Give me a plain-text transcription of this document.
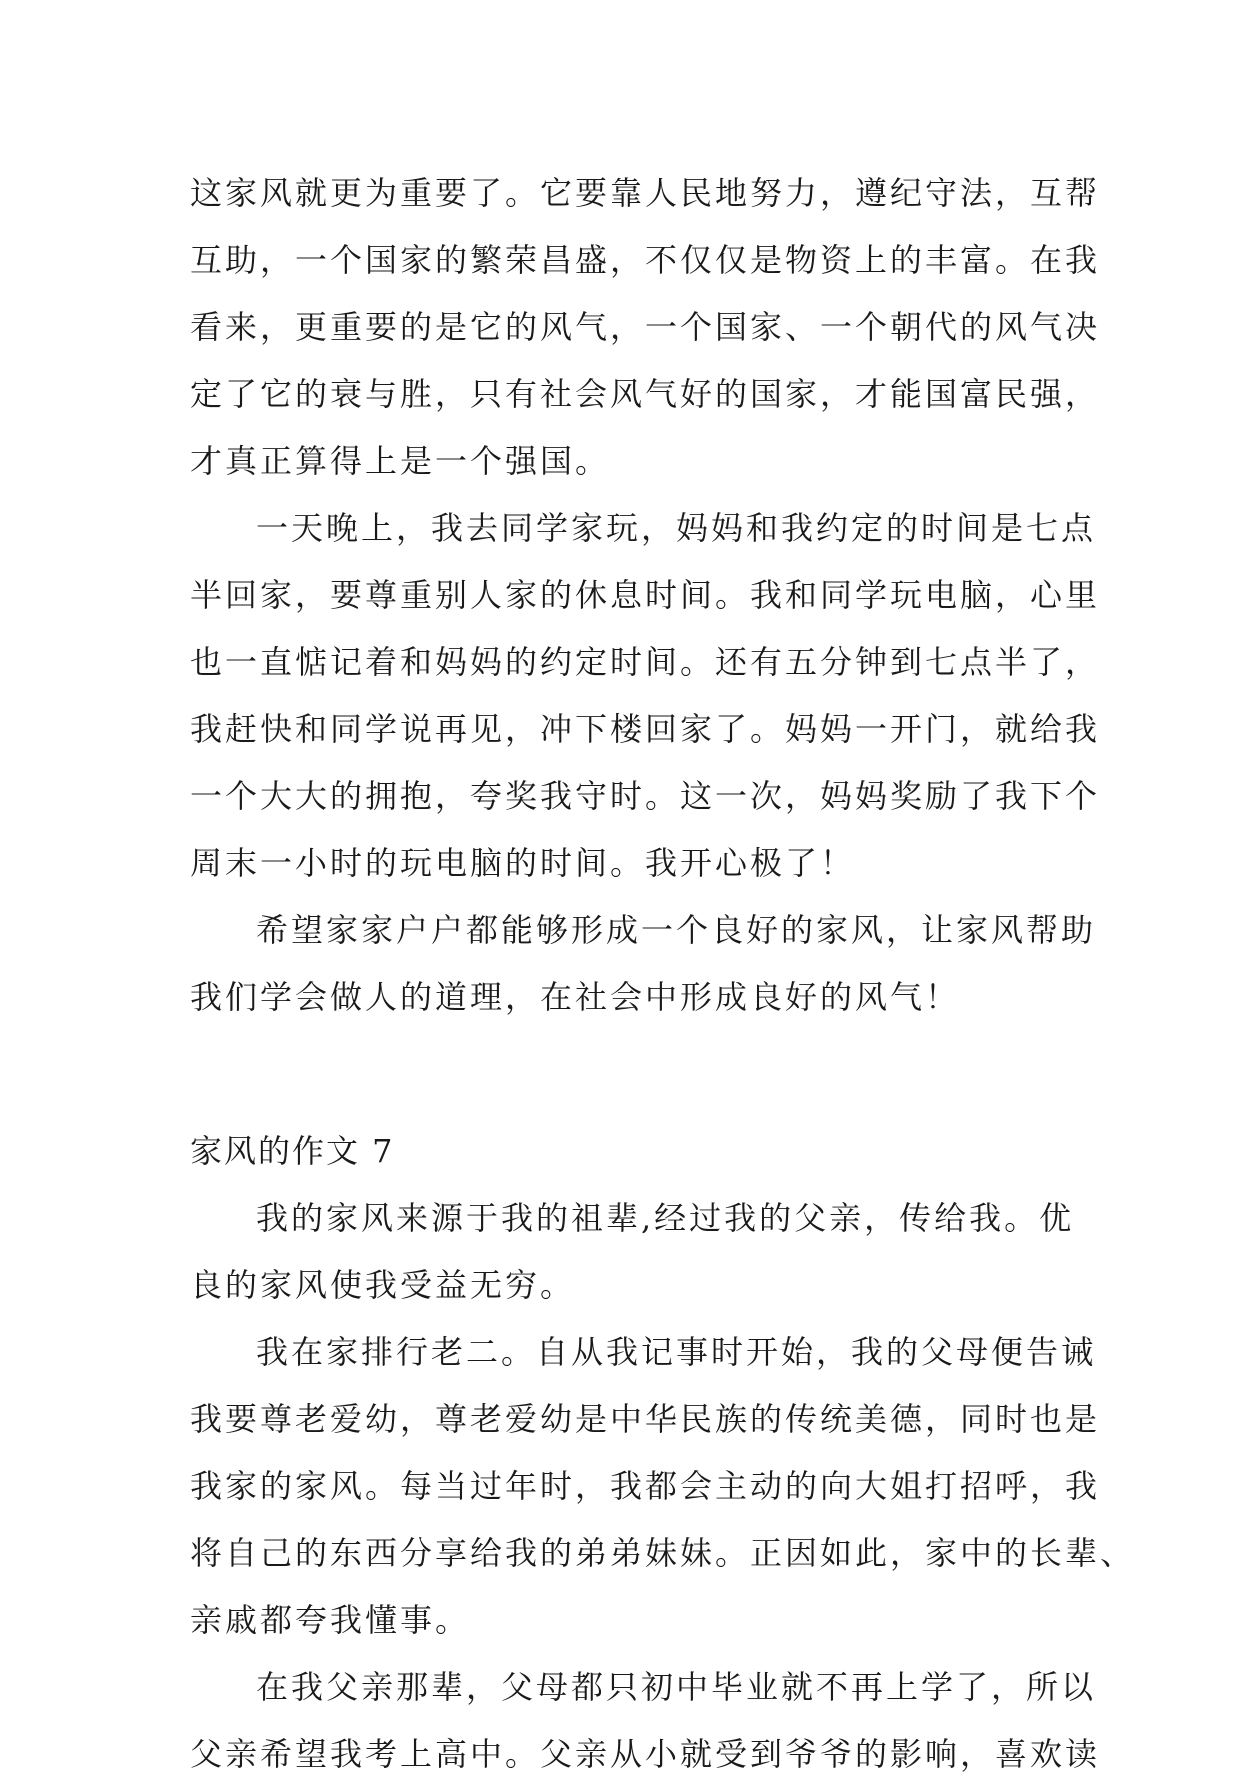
这家风就更为重要了。它要靠人民地努力，遵纪守法，互帮
互助，一个国家的繁荣昌盛，不仅仅是物资上的丰富。在我
看来，更重要的是它的风气，一个国家、一个朝代的风气决
定了它的衰与胜，只有社会风气好的国家，才能国富民强，
才真正算得上是一个强国。
一天晚上，我去同学家玩，妈妈和我约定的时间是七点
半回家，要尊重别人家的休息时间。我和同学玩电脑，心里
也一直惦记着和妈妈的约定时间。还有五分钟到七点半了，
我赶快和同学说再见，冲下楼回家了。妈妈一开门，就给我
一个大大的拥抱，夸奖我守时。这一次，妈妈奖励了我下个
周末一小时的玩电脑的时间。我开心极了！
希望家家户户都能够形成一个良好的家风，让家风帮助
我们学会做人的道理，在社会中形成良好的风气！
家风的作文 7
我的家风来源于我的祖辈,经过我的父亲，传给我。优
良的家风使我受益无穷。
我在家排行老二。自从我记事时开始，我的父母便告诫
我要尊老爱幼，尊老爱幼是中华民族的传统美德，同时也是
我家的家风。每当过年时，我都会主动的向大姐打招呼，我
将自己的东西分享给我的弟弟妹妹。正因如此，家中的长辈、
亲戚都夸我懂事。
在我父亲那辈，父母都只初中毕业就不再上学了，所以
父亲希望我考上高中。父亲从小就受到爷爷的影响，喜欢读
